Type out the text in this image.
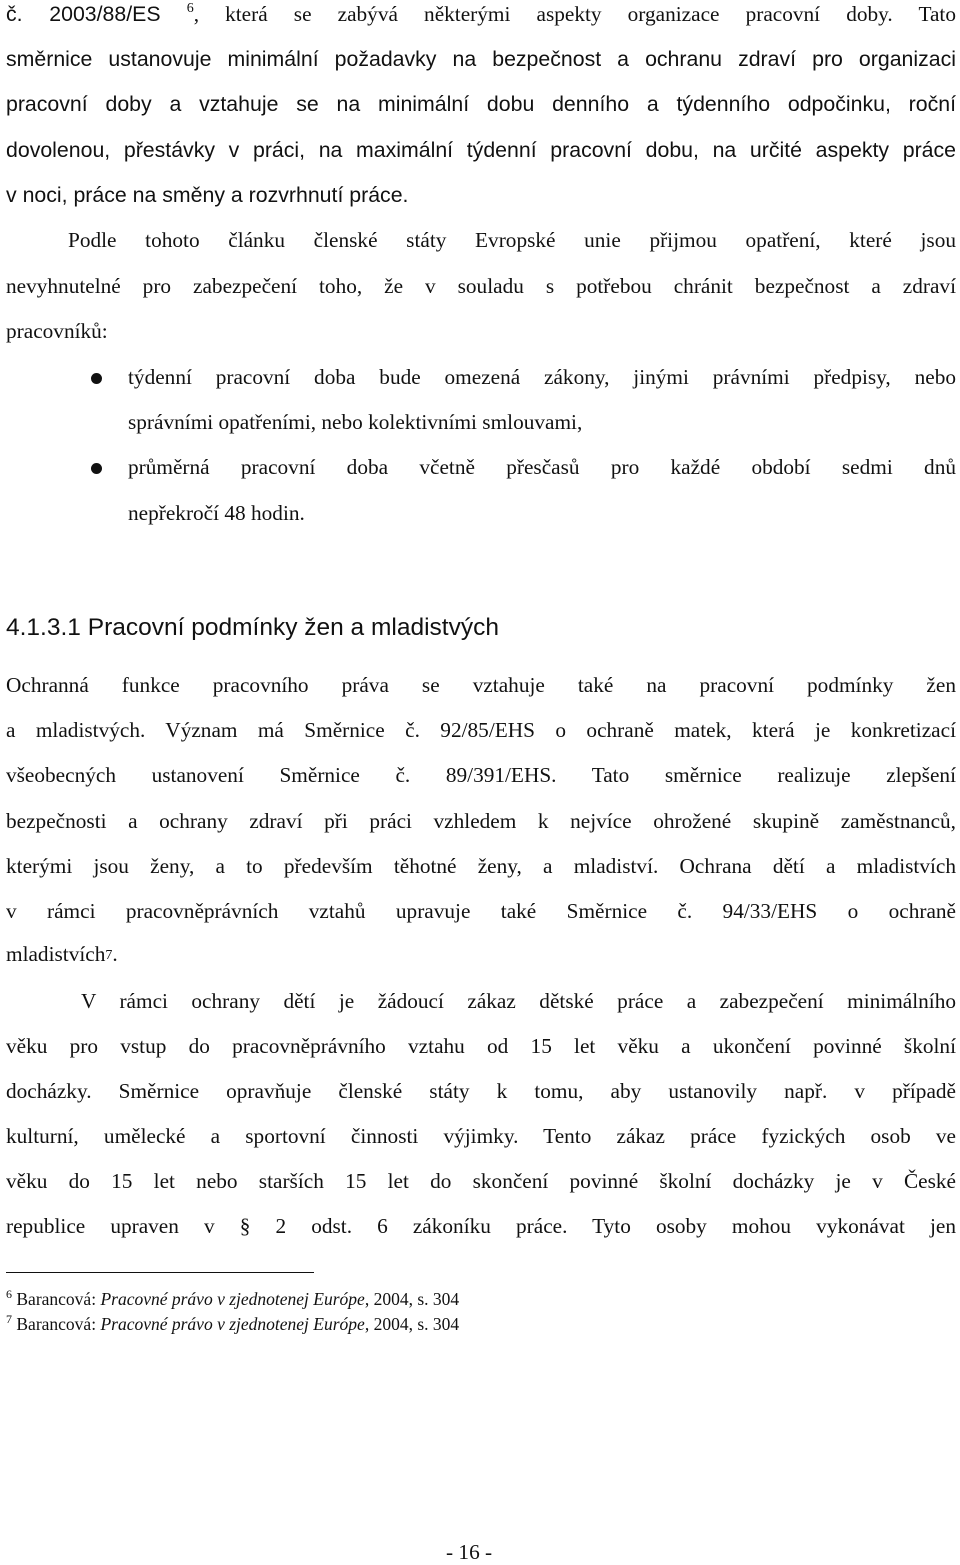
č. 2003/88/ES $^6$, která se zabývá některými aspekty organizace pracovní doby. Tato
směrnice ustanovuje minimální požadavky na bezpečnost a ochranu zdraví pro organizaci
pracovní doby a vztahuje se na minimální dobu denního a týdenního odpočinku, roční
dovolenou, přestávky v práci, na maximální týdenní pracovní dobu, na určité aspekty práce
v noci, práce na směny a rozvrhnutí práce.
Podle tohoto článku členské státy Evropské unie přijmou opatření, které jsou
nevyhnutelné pro zabezpečení toho, že v souladu s potřebou chránit bezpečnost a zdraví
pracovníků:
týdenní pracovní doba bude omezená zákony, jinými právními předpisy, nebo
správními opatřeními, nebo kolektivními smlouvami,
průměrná pracovní doba včetně přesčasů pro každé období sedmi dnů
nepřekročí 48 hodin.
4.1.3.1 Pracovní podmínky žen a mladistvých
Ochranná funkce pracovního práva se vztahuje také na pracovní podmínky žen
a mladistvých. Význam má Směrnice č. 92/85/EHS o ochraně matek, která je konkretizací
všeobecných ustanovení Směrnice č. 89/391/EHS. Tato směrnice realizuje zlepšení
bezpečnosti a ochrany zdraví při práci vzhledem k nejvíce ohrožené skupině zaměstnanců,
kterými jsou ženy, a to především těhotné ženy, a mladiství. Ochrana dětí a mladistvích
v rámci pracovněprávních vztahů upravuje také Směrnice č. 94/33/EHS o ochraně
mladistvích7.
V rámci ochrany dětí je žádoucí zákaz dětské práce a zabezpečení minimálního
věku pro vstup do pracovněprávního vztahu od 15 let věku a ukončení povinné školní
docházky. Směrnice opravňuje členské státy k tomu, aby ustanovily např. v případě
kulturní, umělecké a sportovní činnosti výjimky. Tento zákaz práce fyzických osob ve
věku do 15 let nebo starších 15 let do skončení povinné školní docházky je v České
republice upraven v § 2 odst. 6 zákoníku práce. Tyto osoby mohou vykonávat jen
$^6$ Barancová: Pracovné právo v zjednotenej Európe, 2004, s. 304
$^7$ Barancová: Pracovné právo v zjednotenej Európe, 2004, s. 304
- 16 -
